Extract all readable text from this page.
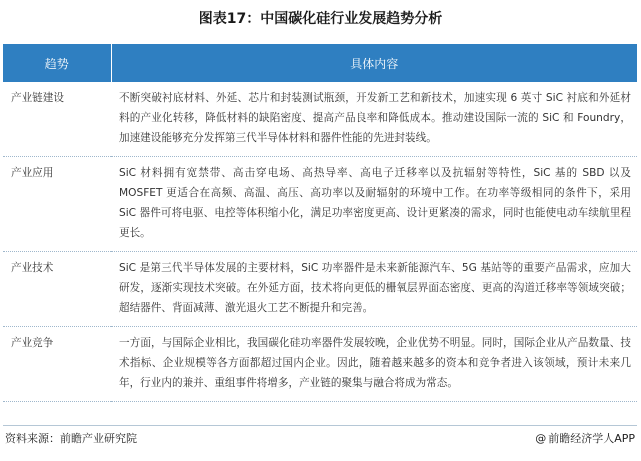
图表17：中国碳化硅行业发展趋势分析
趋势	具体内容
产业链建设	不断突破衬底材料、外延、芯片和封装测试瓶颈，开发新工艺和新技术，加速实现 6 英寸 SiC 衬底和外延材料的产业化转移，降低材料的缺陷密度、提高产品良率和降低成本。推动建设国际一流的 SiC 和 Foundry，加速建设能够充分发挥第三代半导体材料和器件性能的先进封装线。
产业应用	SiC 材料拥有宽禁带、高击穿电场、高热导率、高电子迁移率以及抗辐射等特性，SiC 基的 SBD 以及 MOSFET 更适合在高频、高温、高压、高功率以及耐辐射的环境中工作。在功率等级相同的条件下，采用 SiC 器件可将电驱、电控等体积缩小化，满足功率密度更高、设计更紧凑的需求，同时也能使电动车续航里程更长。
产业技术	SiC 是第三代半导体发展的主要材料，SiC 功率器件是未来新能源汽车、5G 基站等的重要产品需求，应加大研发，逐渐实现技术突破。在外延方面，技术将向更低的栅氧层界面态密度、更高的沟道迁移率等领域突破；超结器件、背面减薄、激光退火工艺不断提升和完善。
产业竞争	一方面，与国际企业相比，我国碳化硅功率器件发展较晚，企业优势不明显。同时，国际企业从产品数量、技术指标、企业规模等各方面都超过国内企业。因此，随着越来越多的资本和竞争者进入该领域，预计未来几年，行业内的兼并、重组事件将增多，产业链的聚集与融合将成为常态。
资料来源：前瞻产业研究院	@ 前瞻经济学人APP
